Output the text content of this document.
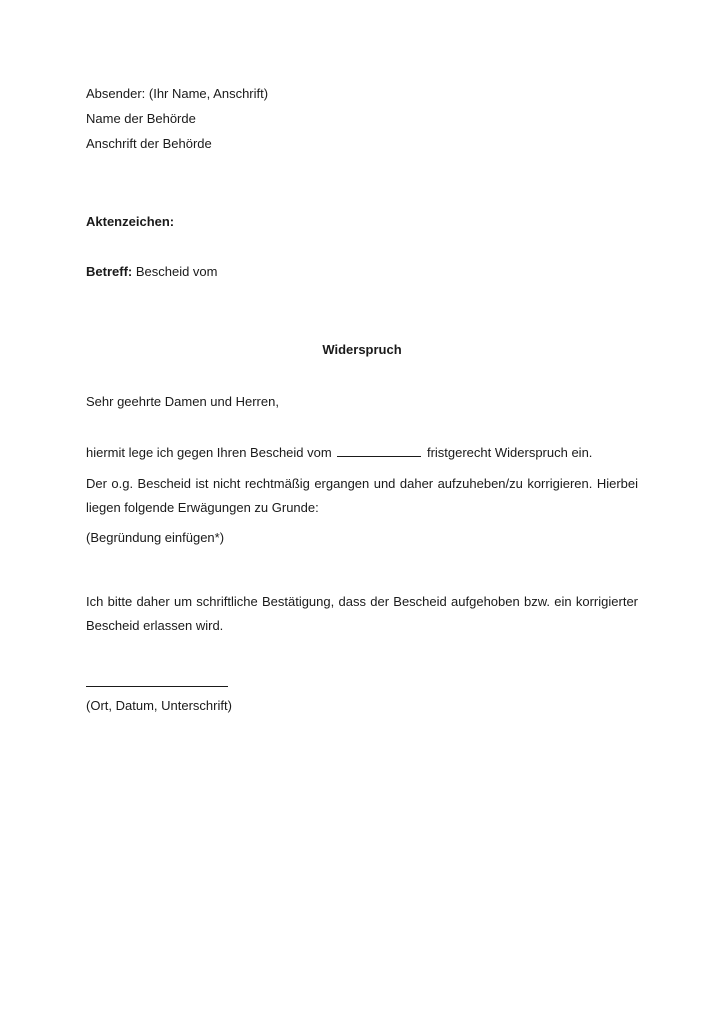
Absender: (Ihr Name, Anschrift)
Name der Behörde
Anschrift der Behörde
Aktenzeichen:
Betreff: Bescheid vom
Widerspruch
Sehr geehrte Damen und Herren,
hiermit lege ich gegen Ihren Bescheid vom	fristgerecht Widerspruch ein.
Der o.g. Bescheid ist nicht rechtmäßig ergangen und daher aufzuheben/zu korrigieren. Hierbei liegen folgende Erwägungen zu Grunde:
(Begründung einfügen*)
Ich bitte daher um schriftliche Bestätigung, dass der Bescheid aufgehoben bzw. ein korrigierter Bescheid erlassen wird.
(Ort, Datum, Unterschrift)
